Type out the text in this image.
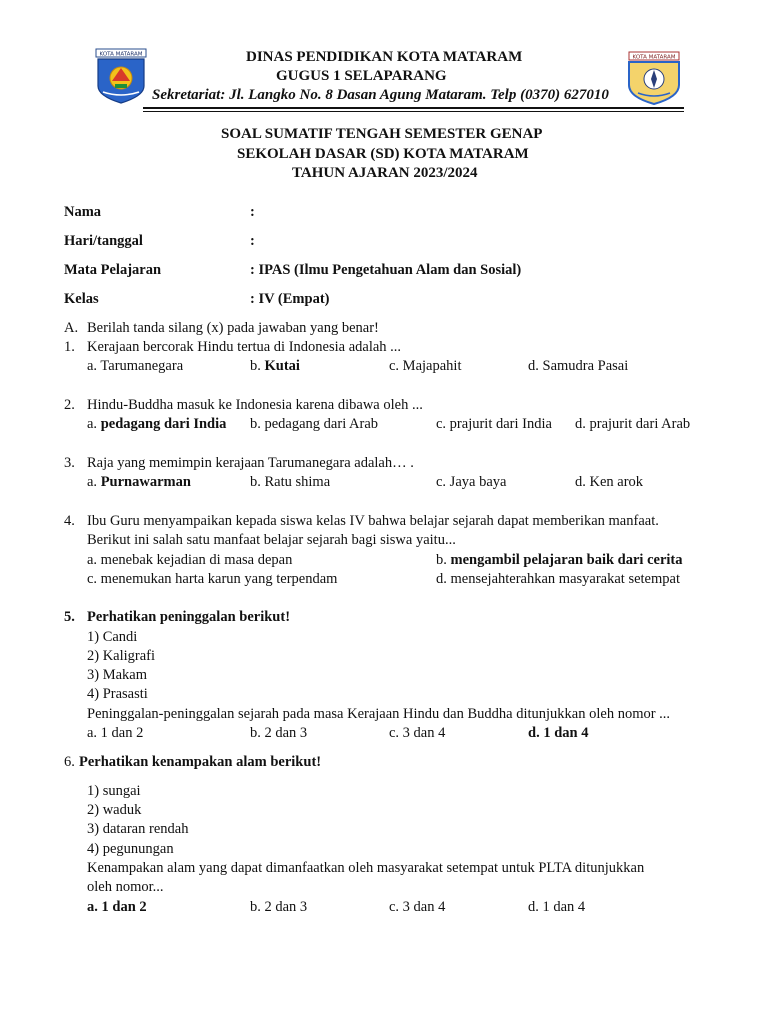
KOTA MATARAM	KOTA MATARAM
DINAS PENDIDIKAN KOTA MATARAM
GUGUS 1 SELAPARANG
Sekretariat: Jl. Langko No. 8 Dasan Agung Mataram. Telp (0370) 627010
SOAL SUMATIF TENGAH SEMESTER GENAP
SEKOLAH DASAR (SD) KOTA MATARAM
TAHUN AJARAN 2023/2024
Nama	:
Hari/tanggal	:
Mata Pelajaran	: IPAS (Ilmu Pengetahuan Alam dan Sosial)
Kelas	: IV (Empat)
A. Berilah tanda silang (x) pada jawaban yang benar!
1. Kerajaan bercorak Hindu tertua di Indonesia adalah ...
a. Tarumanegara	b. Kutai	c. Majapahit	d. Samudra Pasai
2. Hindu-Buddha masuk ke Indonesia karena dibawa oleh ...
a. pedagang dari India b. pedagang dari Arab	c. prajurit dari India d. prajurit dari Arab
3. Raja yang memimpin kerajaan Tarumanegara adalah… .
a. Purnawarman	b. Ratu shima	c. Jaya baya	d. Ken arok
4. Ibu Guru menyampaikan kepada siswa kelas IV bahwa belajar sejarah dapat memberikan manfaat.
Berikut ini salah satu manfaat belajar sejarah bagi siswa yaitu...
a. menebak kejadian di masa depan	b. mengambil pelajaran baik dari cerita
c. menemukan harta karun yang terpendam	d. mensejahterahkan masyarakat setempat
5. Perhatikan peninggalan berikut!
1) Candi
2) Kaligrafi
3) Makam
4) Prasasti
Peninggalan-peninggalan sejarah pada masa Kerajaan Hindu dan Buddha ditunjukkan oleh nomor ...
a. 1 dan 2	b. 2 dan 3	c. 3 dan 4	d. 1 dan 4
6. Perhatikan kenampakan alam berikut!
1) sungai
2) waduk
3) dataran rendah
4) pegunungan
Kenampakan alam yang dapat dimanfaatkan oleh masyarakat setempat untuk PLTA ditunjukkan
oleh nomor...
a. 1 dan 2	b. 2 dan 3	c. 3 dan 4	d. 1 dan 4
